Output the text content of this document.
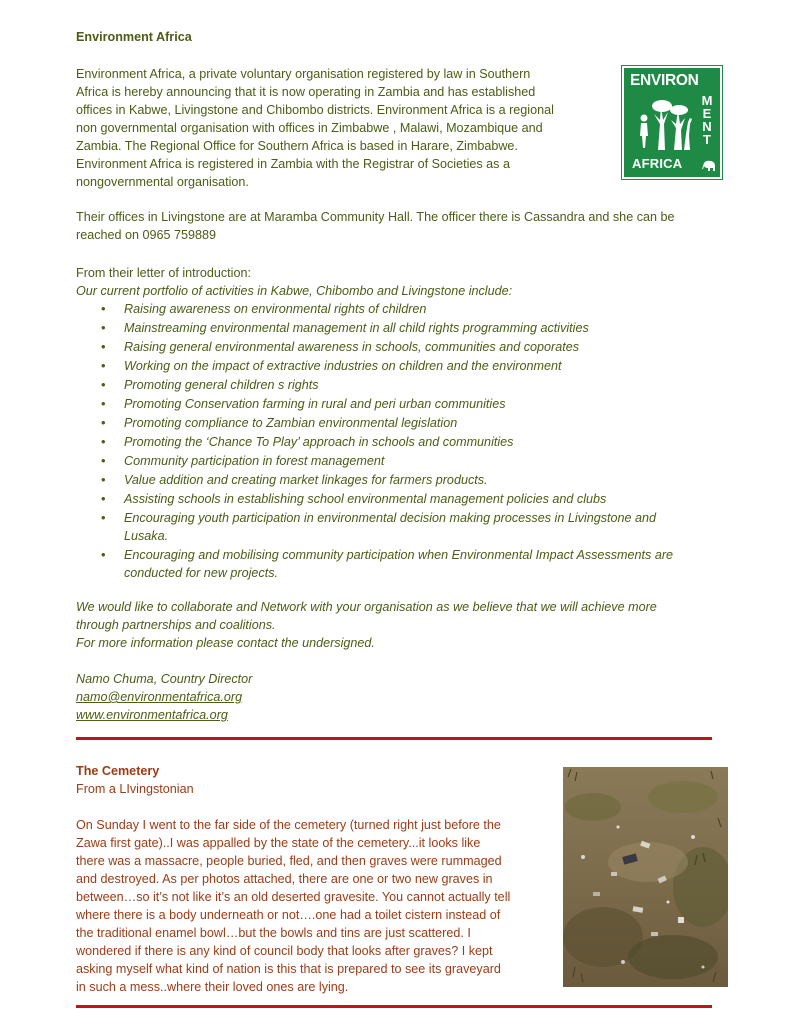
Environment Africa
Environment Africa, a private voluntary organisation registered by law in Southern
Africa is hereby announcing that it is now operating in Zambia and has established
offices in Kabwe, Livingstone and Chibombo districts. Environment Africa is a regional
non governmental organisation with offices in Zimbabwe , Malawi, Mozambique and
Zambia. The Regional Office for Southern Africa is based in Harare, Zimbabwe.
Environment Africa is registered in Zambia with the Registrar of Societies as a
nongovernmental organisation.
Their offices in Livingstone are at Maramba Community Hall. The officer there is Cassandra and she can be
reached on 0965 759889
From their letter of introduction:
Our current portfolio of activities in Kabwe, Chibombo and Livingstone include:
• Raising awareness on environmental rights of children
• Mainstreaming environmental management in all child rights programming activities
• Raising general environmental awareness in schools, communities and coporates
• Working on the impact of extractive industries on children and the environment
• Promoting general children s rights
• Promoting Conservation farming in rural and peri urban communities
• Promoting compliance to Zambian environmental legislation
• Promoting the ‘Chance To Play’ approach in schools and communities
• Community participation in forest management
• Value addition and creating market linkages for farmers products.
• Assisting schools in establishing school environmental management policies and clubs
• Encouraging youth participation in environmental decision making processes in Livingstone and
Lusaka.
• Encouraging and mobilising community participation when Environmental Impact Assessments are
conducted for new projects.
We would like to collaborate and Network with your organisation as we believe that we will achieve more
through partnerships and coalitions.
For more information please contact the undersigned.
Namo Chuma, Country Director
namo@environmentafrica.org
www.environmentafrica.org
ENVIRON
M
E
N
T
AFRICA
The Cemetery
From a LIvingstonian
On Sunday I went to the far side of the cemetery (turned right just before the
Zawa first gate)..I was appalled by the state of the cemetery...it looks like
there was a massacre, people buried, fled, and then graves were rummaged
and destroyed. As per photos attached, there are one or two new graves in
between…so it’s not like it’s an old deserted gravesite. You cannot actually tell
where there is a body underneath or not….one had a toilet cistern instead of
the traditional enamel bowl…but the bowls and tins are just scattered. I
wondered if there is any kind of council body that looks after graves? I kept
asking myself what kind of nation is this that is prepared to see its graveyard
in such a mess..where their loved ones are lying.
